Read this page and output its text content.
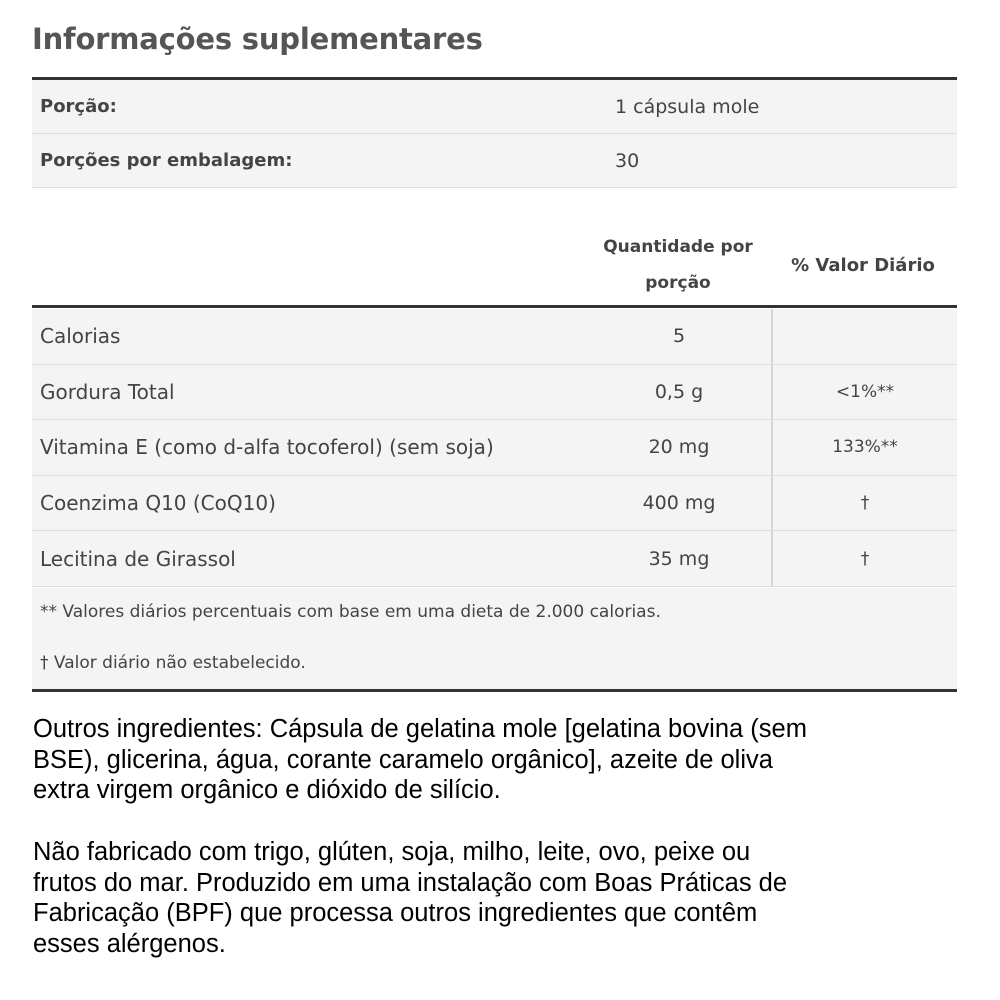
Informações suplementares
Porção:	1 cápsula mole
Porções por embalagem:	30
Quantidade por
porção
% Valor Diário
Calorias	5
Gordura Total	0,5 g	<1%**
Vitamina E (como d-alfa tocoferol) (sem soja)	20 mg	133%**
Coenzima Q10 (CoQ10)	400 mg	†
Lecitina de Girassol	35 mg	†
** Valores diários percentuais com base em uma dieta de 2.000 calorias.
† Valor diário não estabelecido.
Outros ingredientes: Cápsula de gelatina mole [gelatina bovina (sem
BSE), glicerina, água, corante caramelo orgânico], azeite de oliva
extra virgem orgânico e dióxido de silício.
Não fabricado com trigo, glúten, soja, milho, leite, ovo, peixe ou
frutos do mar. Produzido em uma instalação com Boas Práticas de
Fabricação (BPF) que processa outros ingredientes que contêm
esses alérgenos.
